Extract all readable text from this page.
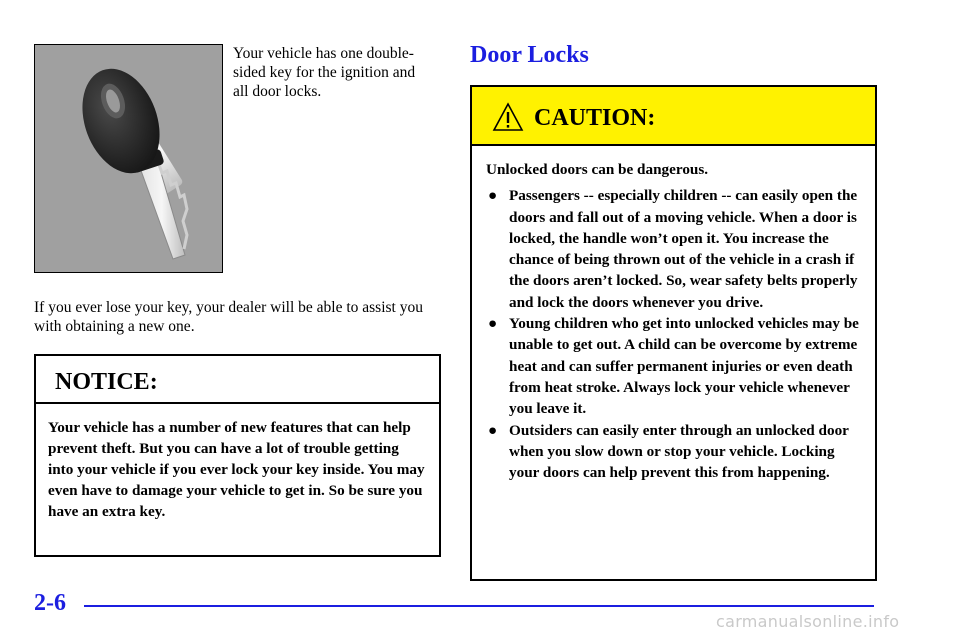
Your vehicle has one double-sided key for the ignition and all door locks.
If you ever lose your key, your dealer will be able to assist you with obtaining a new one.
NOTICE:
Your vehicle has a number of new features that can help prevent theft. But you can have a lot of trouble getting into your vehicle if you ever lock your key inside. You may even have to damage your vehicle to get in. So be sure you have an extra key.
Door Locks
CAUTION:

Unlocked doors can be dangerous.

● Passengers -- especially children -- can easily open the doors and fall out of a moving vehicle. When a door is locked, the handle won’t open it. You increase the chance of being thrown out of the vehicle in a crash if the doors aren’t locked. So, wear safety belts properly and lock the doors whenever you drive.
● Young children who get into unlocked vehicles may be unable to get out. A child can be overcome by extreme heat and can suffer permanent injuries or even death from heat stroke. Always lock your vehicle whenever you leave it.
● Outsiders can easily enter through an unlocked door when you slow down or stop your vehicle. Locking your doors can help prevent this from happening.
2-6
carmanualsonline.info
